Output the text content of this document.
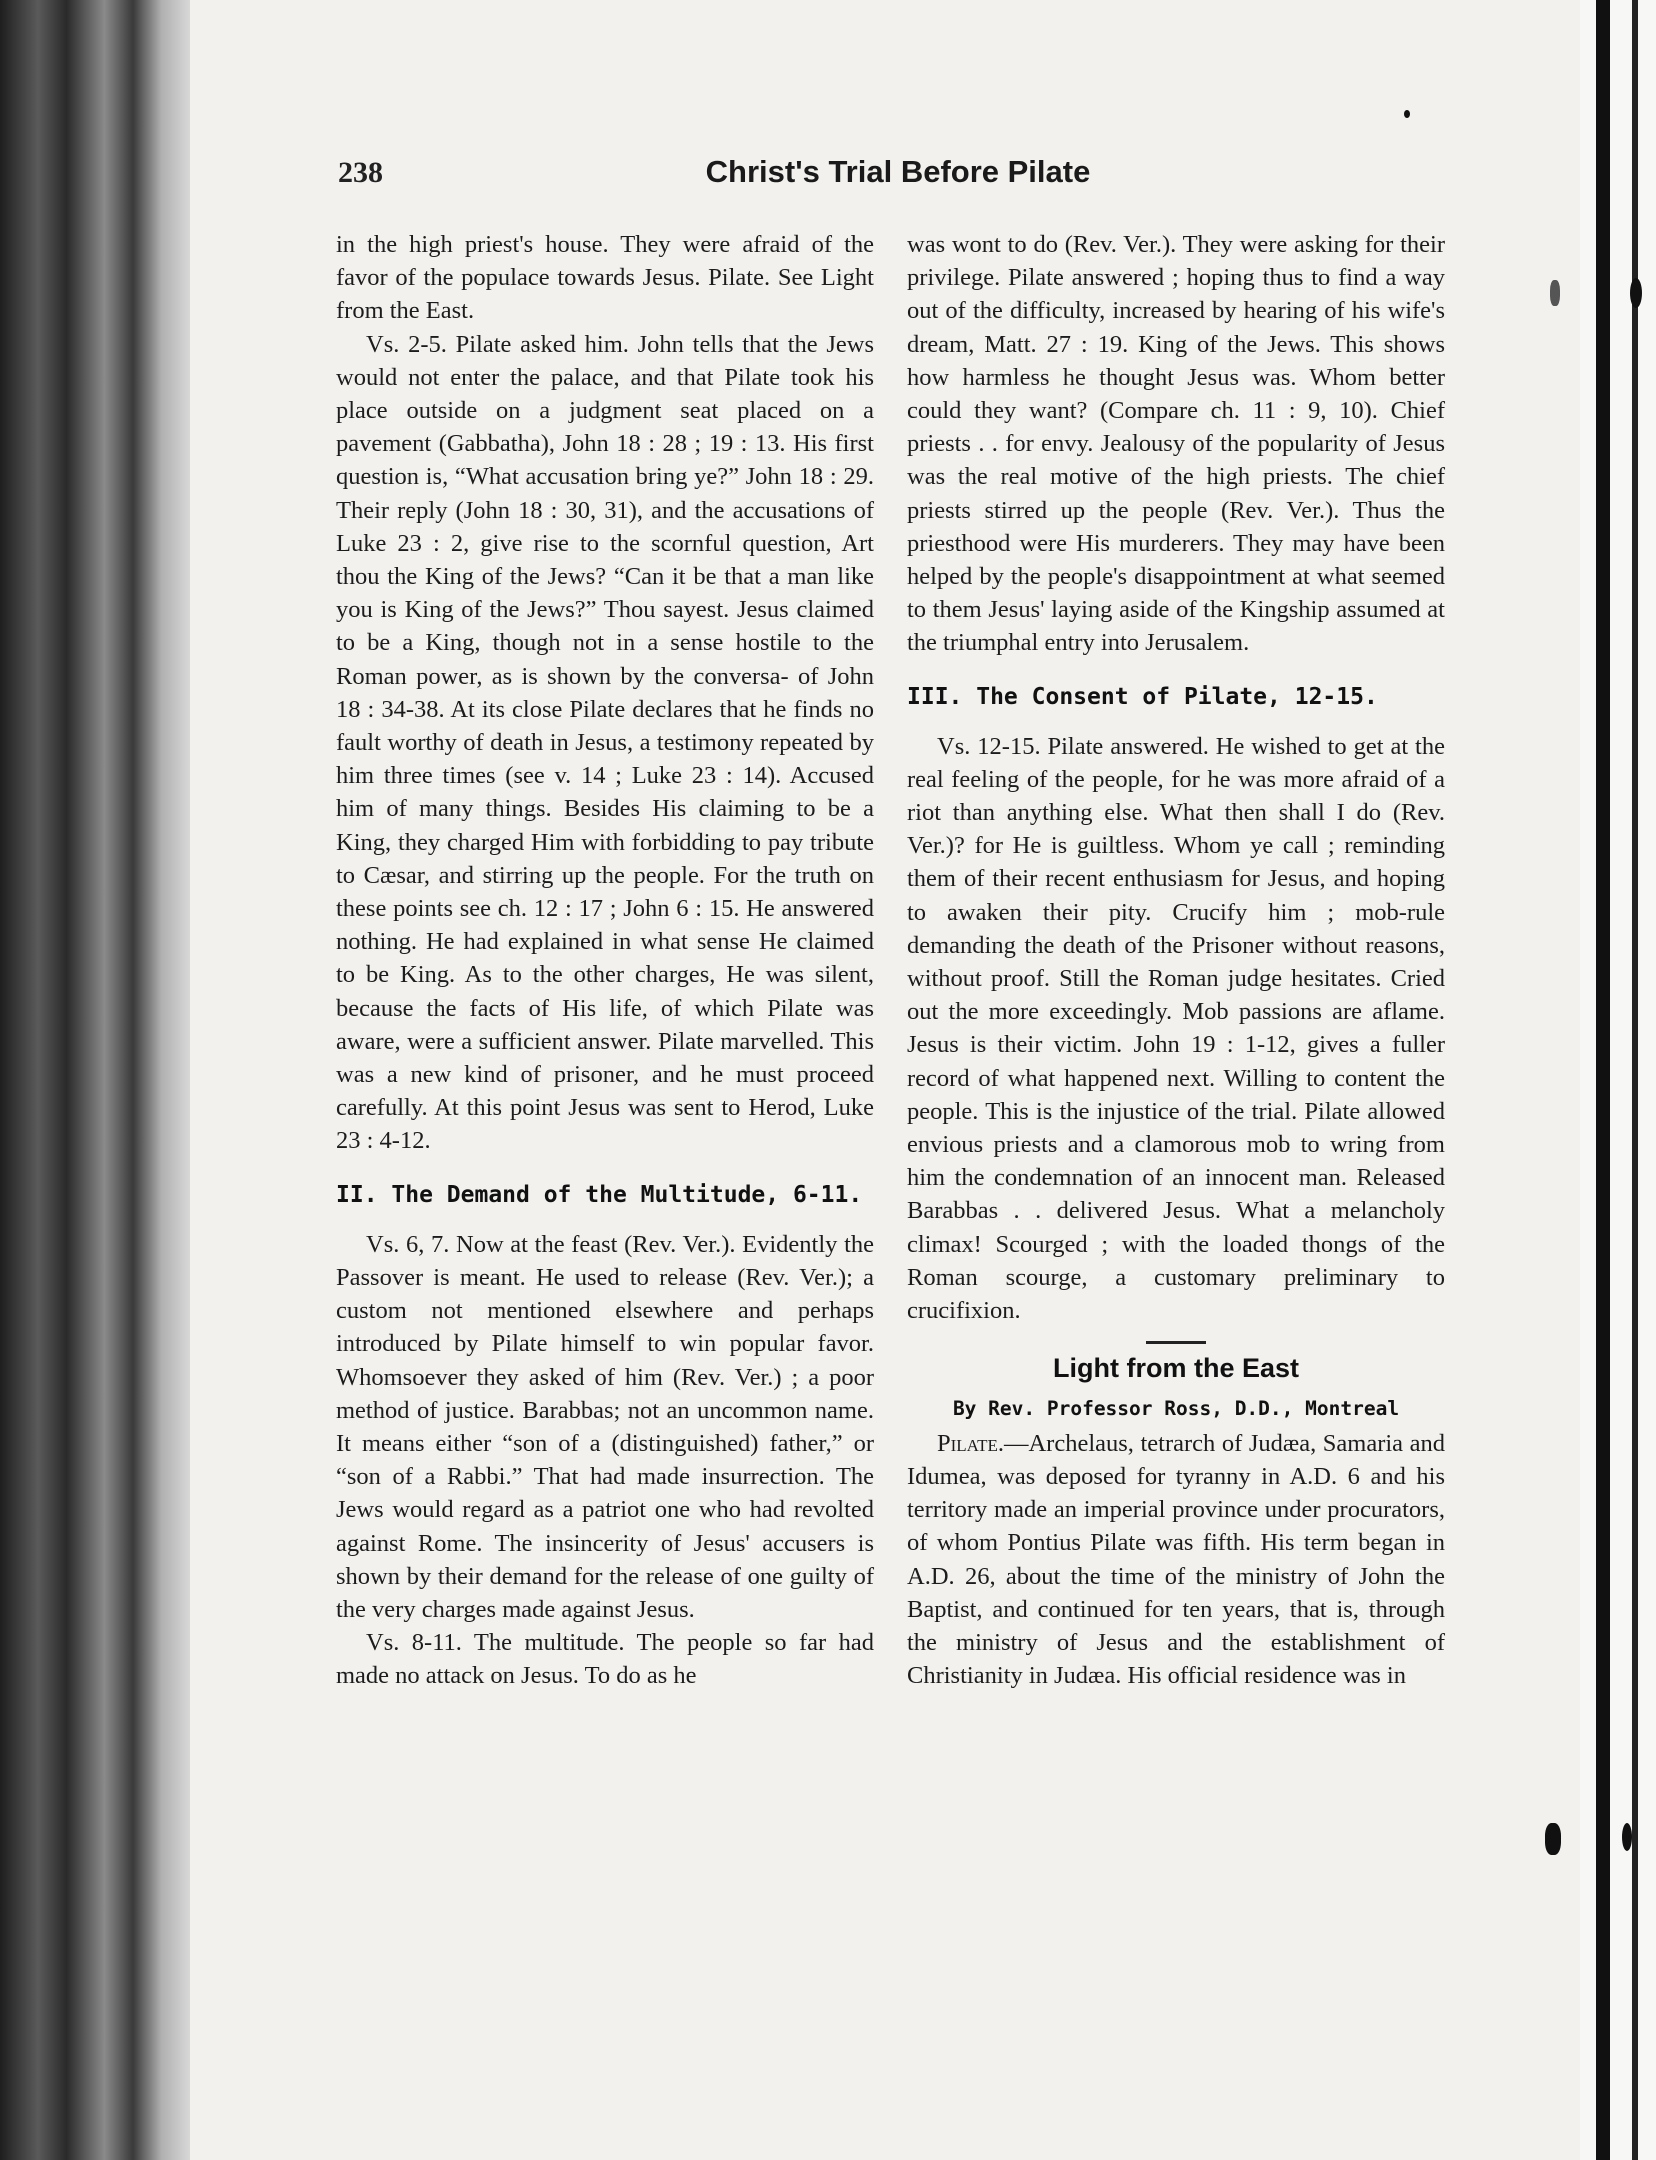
238	Christ's Trial Before Pilate

in the high priest's house. They were afraid of the favor of the populace towards Jesus. Pilate. See Light from the East.

Vs. 2-5. Pilate asked him. John tells that the Jews would not enter the palace, and that Pilate took his place outside on a judgment seat placed on a pavement (Gabbatha), John 18 : 28 ; 19 : 13. His first question is, “What accusation bring ye?” John 18 : 29. Their reply (John 18 : 30, 31), and the accusations of Luke 23 : 2, give rise to the scornful question, Art thou the King of the Jews? “Can it be that a man like you is King of the Jews?” Thou sayest. Jesus claimed to be a King, though not in a sense hostile to the Roman power, as is shown by the conversa- of John 18 : 34-38. At its close Pilate declares that he finds no fault worthy of death in Jesus, a testimony repeated by him three times (see v. 14 ; Luke 23 : 14). Accused him of many things. Besides His claiming to be a King, they charged Him with forbidding to pay tribute to Cæsar, and stirring up the people. For the truth on these points see ch. 12 : 17 ; John 6 : 15. He answered nothing. He had explained in what sense He claimed to be King. As to the other charges, He was silent, because the facts of His life, of which Pilate was aware, were a sufficient answer. Pilate marvelled. This was a new kind of prisoner, and he must proceed carefully. At this point Jesus was sent to Herod, Luke 23 : 4-12.

II. The Demand of the Multitude, 6-11.

Vs. 6, 7. Now at the feast (Rev. Ver.). Evidently the Passover is meant. He used to release (Rev. Ver.); a custom not mentioned elsewhere and perhaps introduced by Pilate himself to win popular favor. Whomsoever they asked of him (Rev. Ver.) ; a poor method of justice. Barabbas; not an uncommon name. It means either “son of a (distinguished) father,” or “son of a Rabbi.” That had made insurrection. The Jews would regard as a patriot one who had revolted against Rome. The insincerity of Jesus' accusers is shown by their demand for the release of one guilty of the very charges made against Jesus.

Vs. 8-11. The multitude. The people so far had made no attack on Jesus. To do as he

was wont to do (Rev. Ver.). They were asking for their privilege. Pilate answered ; hoping thus to find a way out of the difficulty, increased by hearing of his wife's dream, Matt. 27 : 19. King of the Jews. This shows how harmless he thought Jesus was. Whom better could they want? (Compare ch. 11 : 9, 10). Chief priests . . for envy. Jealousy of the popularity of Jesus was the real motive of the high priests. The chief priests stirred up the people (Rev. Ver.). Thus the priesthood were His murderers. They may have been helped by the people's disappointment at what seemed to them Jesus' laying aside of the Kingship assumed at the triumphal entry into Jerusalem.

III. The Consent of Pilate, 12-15.

Vs. 12-15. Pilate answered. He wished to get at the real feeling of the people, for he was more afraid of a riot than anything else. What then shall I do (Rev. Ver.)? for He is guiltless. Whom ye call ; reminding them of their recent enthusiasm for Jesus, and hoping to awaken their pity. Crucify him ; mob-rule demanding the death of the Prisoner without reasons, without proof. Still the Roman judge hesitates. Cried out the more exceedingly. Mob passions are aflame. Jesus is their victim. John 19 : 1-12, gives a fuller record of what happened next. Willing to content the people. This is the injustice of the trial. Pilate allowed envious priests and a clamorous mob to wring from him the condemnation of an innocent man. Released Barabbas . . delivered Jesus. What a melancholy climax! Scourged ; with the loaded thongs of the Roman scourge, a customary preliminary to crucifixion.

Light from the East
By Rev. Professor Ross, D.D., Montreal

Pilate.—Archelaus, tetrarch of Judæa, Samaria and Idumea, was deposed for tyranny in A.D. 6 and his territory made an imperial province under procurators, of whom Pontius Pilate was fifth. His term began in A.D. 26, about the time of the ministry of John the Baptist, and continued for ten years, that is, through the ministry of Jesus and the establishment of Christianity in Judæa. His official residence was in
